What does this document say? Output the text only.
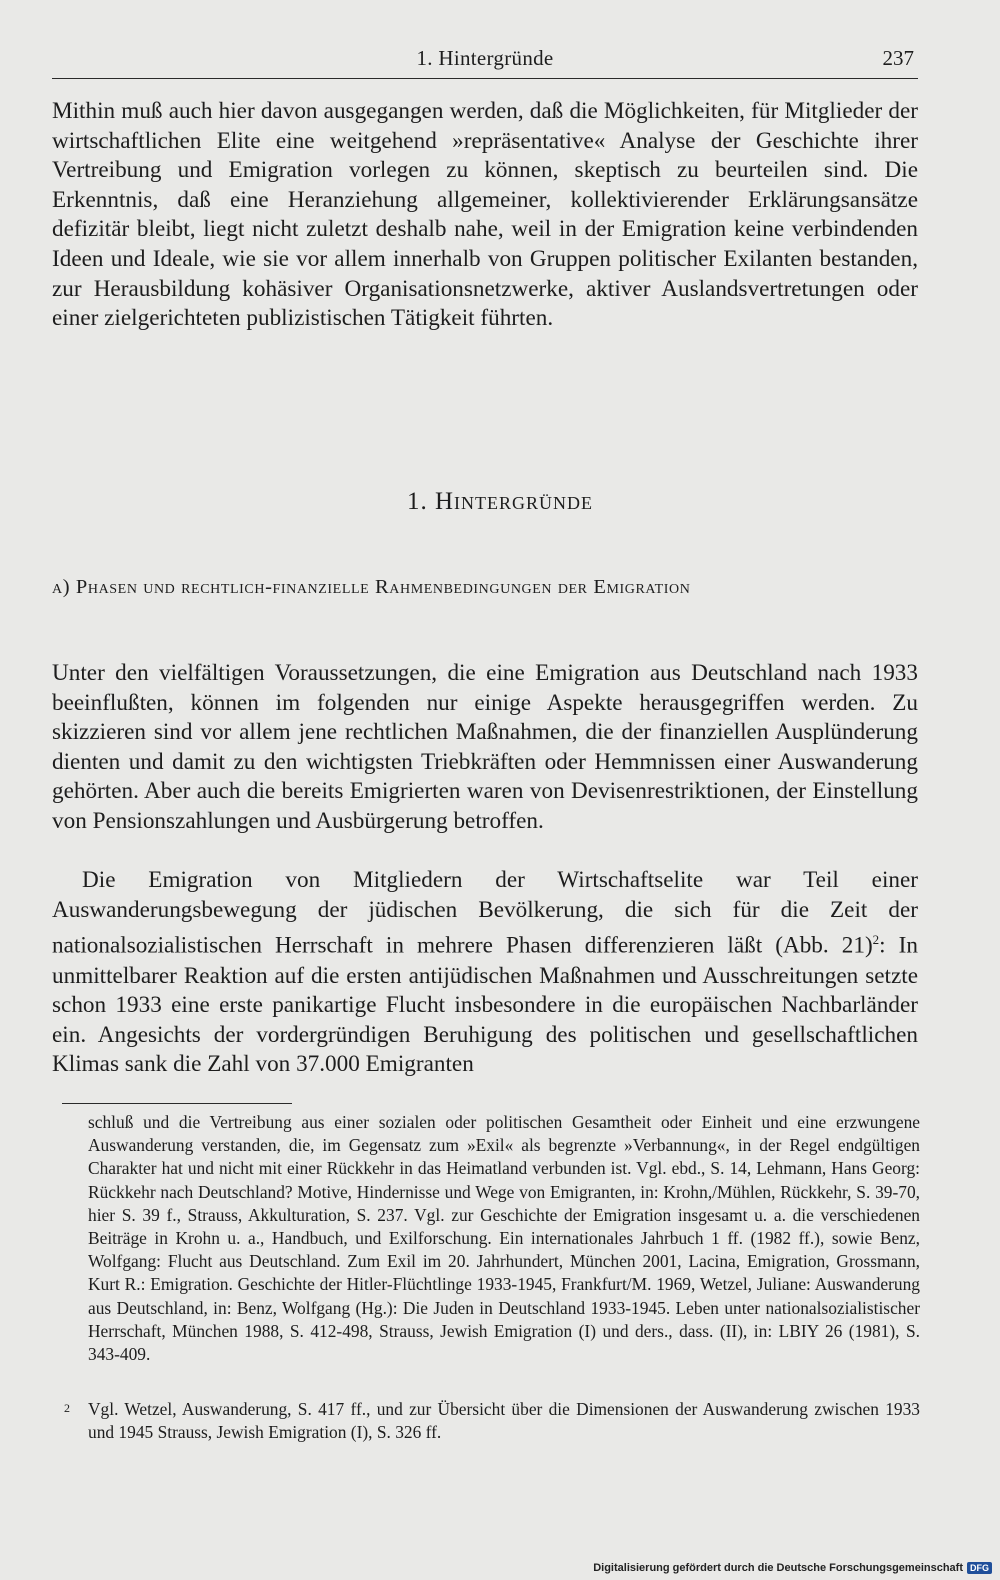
1. Hintergründe	237

Mithin muß auch hier davon ausgegangen werden, daß die Möglichkeiten, für Mitglieder der wirtschaftlichen Elite eine weitgehend »repräsentative« Analyse der Geschichte ihrer Vertreibung und Emigration vorlegen zu können, skeptisch zu beurteilen sind. Die Erkenntnis, daß eine Heranziehung allgemeiner, kollektivierender Erklärungsansätze defizitär bleibt, liegt nicht zuletzt deshalb nahe, weil in der Emigration keine verbindenden Ideen und Ideale, wie sie vor allem innerhalb von Gruppen politischer Exilanten bestanden, zur Herausbildung kohäsiver Organisationsnetzwerke, aktiver Auslandsvertretungen oder einer zielgerichteten publizistischen Tätigkeit führten.

1. Hintergründe
a) Phasen und rechtlich-finanzielle Rahmenbedingungen der Emigration

Unter den vielfältigen Voraussetzungen, die eine Emigration aus Deutschland nach 1933 beeinflußten, können im folgenden nur einige Aspekte herausgegriffen werden. Zu skizzieren sind vor allem jene rechtlichen Maßnahmen, die der finanziellen Ausplünderung dienten und damit zu den wichtigsten Triebkräften oder Hemmnissen einer Auswanderung gehörten. Aber auch die bereits Emigrierten waren von Devisenrestriktionen, der Einstellung von Pensionszahlungen und Ausbürgerung betroffen.

Die Emigration von Mitgliedern der Wirtschaftselite war Teil einer Auswanderungsbewegung der jüdischen Bevölkerung, die sich für die Zeit der nationalsozialistischen Herrschaft in mehrere Phasen differenzieren läßt (Abb. 21)$^2$: In unmittelbarer Reaktion auf die ersten antijüdischen Maßnahmen und Ausschreitungen setzte schon 1933 eine erste panikartige Flucht insbesondere in die europäischen Nachbarländer ein. Angesichts der vordergründigen Beruhigung des politischen und gesellschaftlichen Klimas sank die Zahl von 37.000 Emigranten

schluß und die Vertreibung aus einer sozialen oder politischen Gesamtheit oder Einheit und eine erzwungene Auswanderung verstanden, die, im Gegensatz zum »Exil« als begrenzte »Verbannung«, in der Regel endgültigen Charakter hat und nicht mit einer Rückkehr in das Heimatland verbunden ist. Vgl. ebd., S. 14, Lehmann, Hans Georg: Rückkehr nach Deutschland? Motive, Hindernisse und Wege von Emigranten, in: Krohn,/Mühlen, Rückkehr, S. 39-70, hier S. 39 f., Strauss, Akkulturation, S. 237. Vgl. zur Geschichte der Emigration insgesamt u. a. die verschiedenen Beiträge in Krohn u. a., Handbuch, und Exilforschung. Ein internationales Jahrbuch 1 ff. (1982 ff.), sowie Benz, Wolfgang: Flucht aus Deutschland. Zum Exil im 20. Jahrhundert, München 2001, Lacina, Emigration, Grossmann, Kurt R.: Emigration. Geschichte der Hitler-Flüchtlinge 1933-1945, Frankfurt/M. 1969, Wetzel, Juliane: Auswanderung aus Deutschland, in: Benz, Wolfgang (Hg.): Die Juden in Deutschland 1933-1945. Leben unter nationalsozialistischer Herrschaft, München 1988, S. 412-498, Strauss, Jewish Emigration (I) und ders., dass. (II), in: LBIY 26 (1981), S. 343-409.

2 Vgl. Wetzel, Auswanderung, S. 417 ff., und zur Übersicht über die Dimensionen der Auswanderung zwischen 1933 und 1945 Strauss, Jewish Emigration (I), S. 326 ff.

Digitalisierung gefördert durch die Deutsche Forschungsgemeinschaft DFG
